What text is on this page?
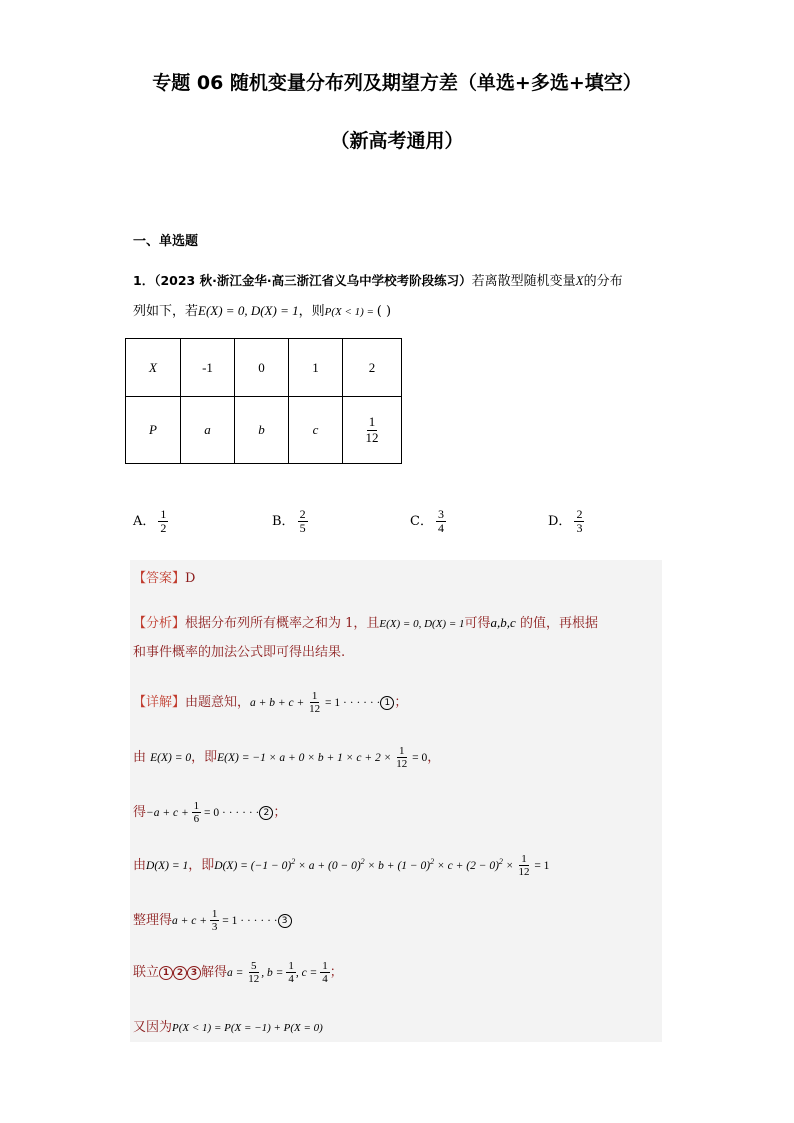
专题 06 随机变量分布列及期望方差（单选+多选+填空）
（新高考通用）
一、单选题
1．（2023 秋·浙江金华·高三浙江省义乌中学校考阶段练习）若离散型随机变量X的分布
列如下，若E(X) = 0, D(X) = 1，则P(X < 1) = ( )
X	-1	0	1	2
P	a	b	c	$\frac{1}{12}$
A． $\frac{1}{2}$	B． $\frac{2}{5}$	C． $\frac{3}{4}$	D． $\frac{2}{3}$
【答案】D
【分析】根据分布列所有概率之和为 1，且E(X) = 0, D(X) = 1可得a,b,c 的值，再根据
和事件概率的加法公式即可得出结果.
【详解】由题意知，$a + b + c + \frac{1}{12} = 1$ · · · · · · 1 ；
由 E(X) = 0，即$E(X) = -1 \times a + 0 \times b + 1 \times c + 2 \times \frac{1}{12} = 0$，
得$-a + c + \frac{1}{6} = 0$ · · · · · · 2 ；
由D(X) = 1，即$D(X) = (-1 - 0)^2 \times a + (0 - 0)^2 \times b + (1 - 0)^2 \times c + (2 - 0)^2 \times \frac{1}{12} = 1$
整理得$a + c + \frac{1}{3} = 1$ · · · · · · 3
联立 1 2 3 解得$a = \frac{5}{12}$ , $b = \frac{1}{4}$ , $c = \frac{1}{4}$ ；
又因为P(X < 1) = P(X = −1) + P(X = 0)
